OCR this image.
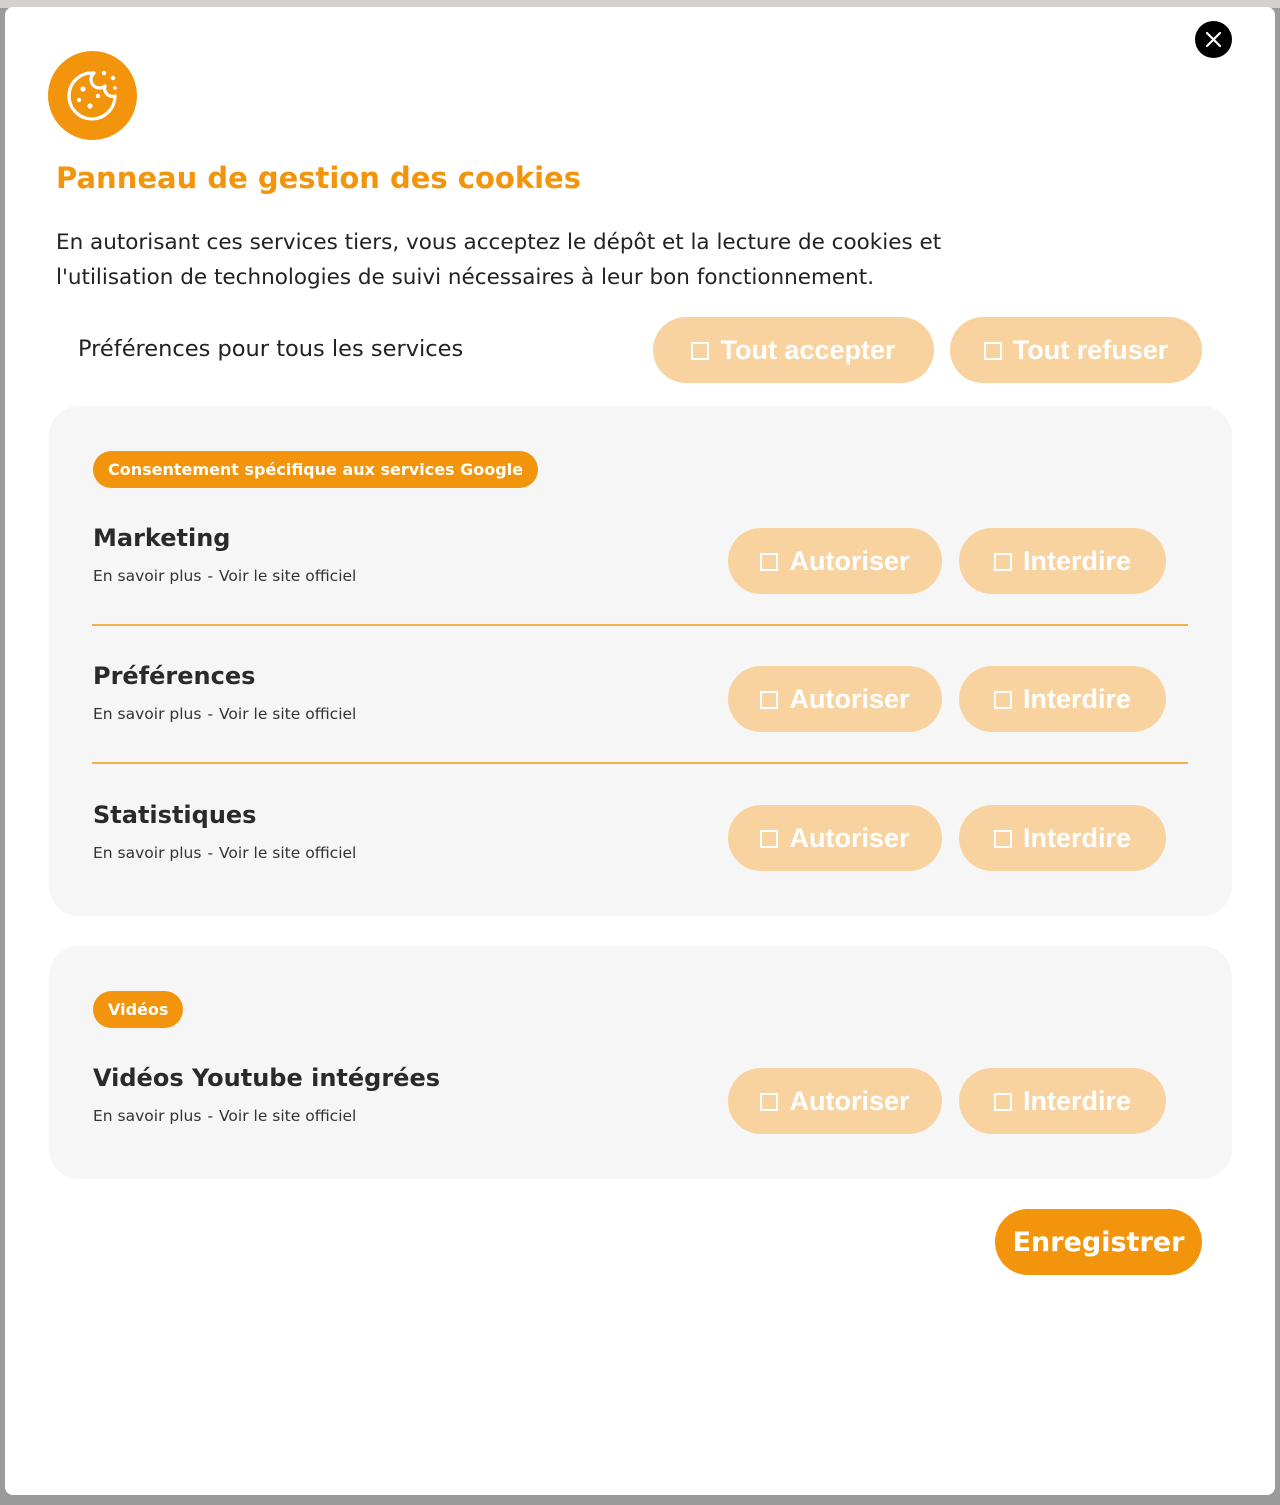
Panneau de gestion des cookies

En autorisant ces services tiers, vous acceptez le dépôt et la lecture de cookies et l'utilisation de technologies de suivi nécessaires à leur bon fonctionnement.

Préférences pour tous les services	Tout accepter	Tout refuser
Consentement spécifique aux services Google
Marketing
En savoir plus - Voir le site officiel
Autoriser	Interdire
Préférences
En savoir plus - Voir le site officiel
Autoriser	Interdire
Statistiques
En savoir plus - Voir le site officiel
Autoriser	Interdire
Vidéos
Vidéos Youtube intégrées
En savoir plus - Voir le site officiel
Autoriser	Interdire
Enregistrer
